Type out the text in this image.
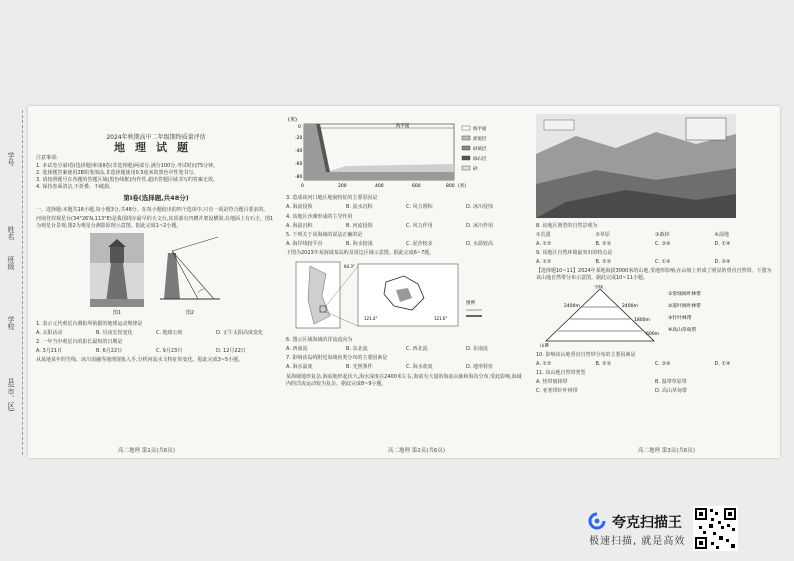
学号
姓名
班级
学校
县(市、区)
2024年秋期高中二年级期终质量评估
地理试题
注意事项:
1. 本试卷分第Ⅰ卷(选择题)和第Ⅱ卷(非选择题)两部分,满分100分,考试时间75分钟。
2. 选择题答案使用2B铅笔填涂,非选择题使用0.5毫米的黑色中性笔书写。
3. 请按照题号在各题的答题区域(黑色线框)内作答,超出答题区域书写的答案无效。
4. 保持卷面清洁,不折叠、不破损。
第Ⅰ卷(选择题,共48分)
一、选择题:本题共16小题,每小题3分,共48分。在每小题给出的四个选项中,只有一项是符合题目要求的。
河南登封观星台(34°26′N,113°E)是我国现存最早的天文台,其顶部有凹槽并架设横梁,在地面上有石圭。图1为观星台景观,图2为观星台测影原理示意图。据此完成1~2小题。
图1	图2
1. 表示元代观星台测影所依据的地球运动规律是
A. 太阳活动	B. 昼夜长短变化	C. 地球公转	D. 正午太阳高度变化
2. 一年当中观星台的影长最短的日期是
A. 3月21日	B. 6月22日	C. 9月23日	D. 12月22日
从某地某年的雪线、冰川消融等地理现象入手,分析河流水文特征的变化。据此完成3~5小题。
高二地理 第1页(共6页)
(米)
0
-20
-40
-60
-80
海平面
0	200	400	600	800 (米)
海平面
淤泥层
砂质层
砾石层
砂
3. 造成该河口地区地貌特征的主要原因是
A. 海浪侵蚀	B. 流水沉积	C. 风力堆积	D. 冰川侵蚀
4. 该地区沙滩形成的主导作用
A. 海浪沉积	B. 河流侵蚀	C. 风力作用	D. 冰川作用
5. 下列关于该海域的说法正确的是
A. 海岸线较平直	B. 海水较浅	C. 泥沙较多	D. 水温较高
下图为2023年某海域某岛屿及周边区域示意图。据此完成6~7题。
121.4°	121.6°
64.3°
图例
6. 图示区域海域的洋流流向为
A. 西南流	B. 东北流	C. 西北流	D. 东南流
7. 影响该岛屿附近海域鱼类分布的主要因素是
A. 海水温度	B. 光照条件	C. 海水盐度	D. 地形特征
某海域地形复杂,海底地形起伏大,海水深度在2400米左右,海底有大量的海底山脉和海沟分布,受此影响,海域内的洋流运动较为复杂。据此完成8~9小题。
高二地理 第2页(共6页)
8. 该地区典型的自然景观为
①荒漠	②草原	③森林	④湿地
A. ①②	B. ②③	C. ③④	D. ①④
9. 该地区自然环境最突出的特点是
A. ①②	B. ②③	C. ①④	D. ③④
【选择题10~11】2024年某地海拔3000米的山地,受地形影响,在山坡上形成了明显的垂直自然带。下图为该山地自然带分布示意图。据此完成10~11小题。
2400m	2400m
1800m
600m
山麓
雪线
①常绿阔叶林带
②落叶阔叶林带
③针叶林带
④高山草甸带
10. 影响该山地垂直自然带分布的主要因素是
A. ①②	B. ②③	C. ③④	D. ①④
11. 该山地自然带类型
A. 热带雨林带	B. 温带草原带
C. 亚寒带针叶林带	D. 高山草甸带
高二地理 第3页(共6页)
夸克扫描王
极速扫描, 就是高效
